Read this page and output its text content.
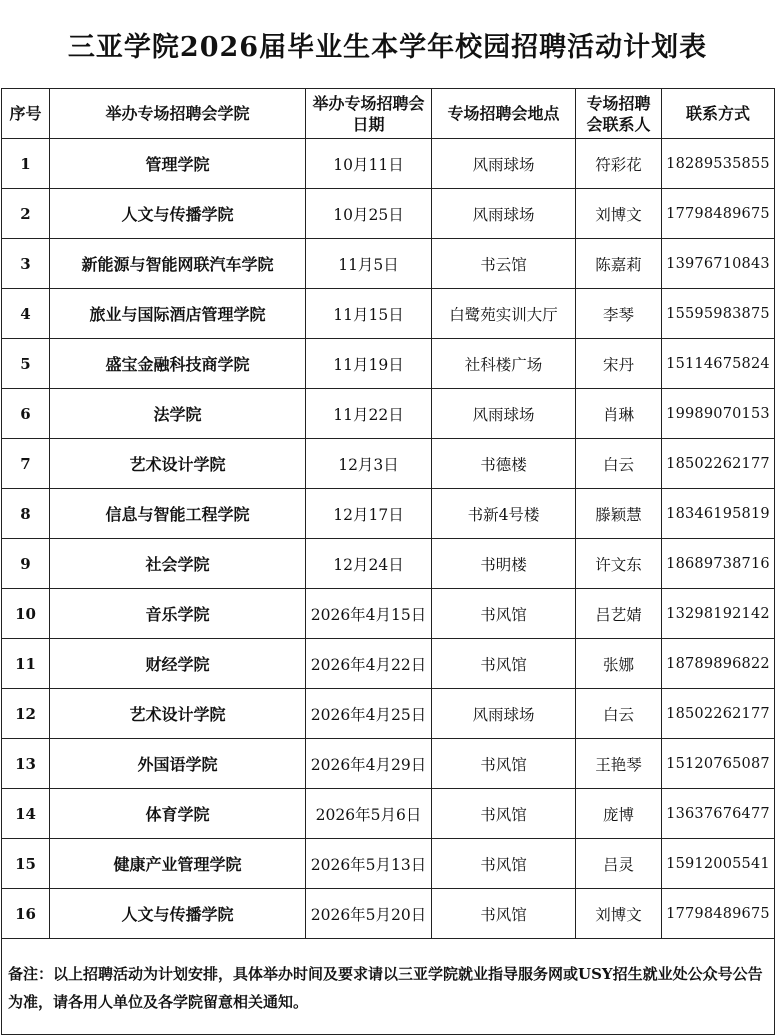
三亚学院2026届毕业生本学年校园招聘活动计划表
序号	举办专场招聘会学院	举办专场招聘会日期	专场招聘会地点	专场招聘会联系人	联系方式
1	管理学院	10月11日	风雨球场	符彩花	18289535855
2	人文与传播学院	10月25日	风雨球场	刘博文	17798489675
3	新能源与智能网联汽车学院	11月5日	书云馆	陈嘉莉	13976710843
4	旅业与国际酒店管理学院	11月15日	白鹭苑实训大厅	李琴	15595983875
5	盛宝金融科技商学院	11月19日	社科楼广场	宋丹	15114675824
6	法学院	11月22日	风雨球场	肖琳	19989070153
7	艺术设计学院	12月3日	书德楼	白云	18502262177
8	信息与智能工程学院	12月17日	书新4号楼	滕颖慧	18346195819
9	社会学院	12月24日	书明楼	许文东	18689738716
10	音乐学院	2026年4月15日	书风馆	吕艺婧	13298192142
11	财经学院	2026年4月22日	书风馆	张娜	18789896822
12	艺术设计学院	2026年4月25日	风雨球场	白云	18502262177
13	外国语学院	2026年4月29日	书风馆	王艳琴	15120765087
14	体育学院	2026年5月6日	书风馆	庞博	13637676477
15	健康产业管理学院	2026年5月13日	书风馆	吕灵	15912005541
16	人文与传播学院	2026年5月20日	书风馆	刘博文	17798489675
备注：以上招聘活动为计划安排，具体举办时间及要求请以三亚学院就业指导服务网或USY招生就业处公众号公告为准，请各用人单位及各学院留意相关通知。					
